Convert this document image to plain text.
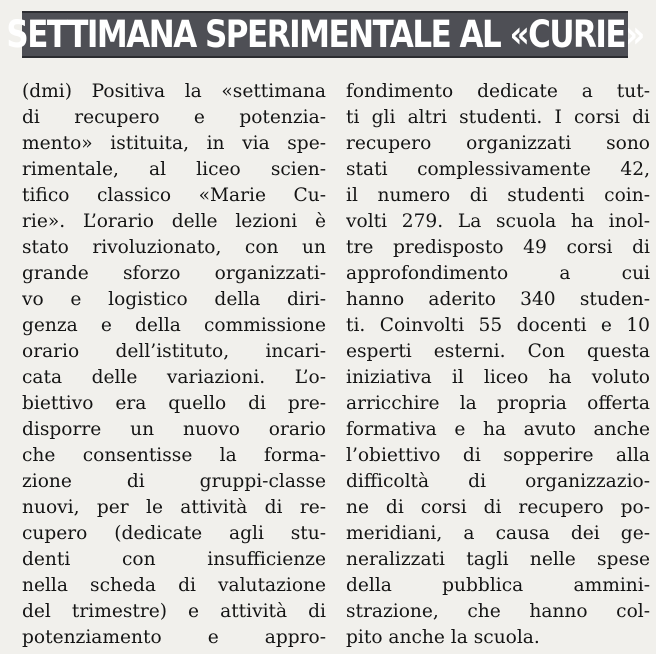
SETTIMANA SPERIMENTALE AL «CURIE»
(dmi) Positiva la «settimana
di recupero e potenzia-
mento» istituita, in via spe-
rimentale, al liceo scien-
tifico classico «Marie Cu-
rie». L’orario delle lezioni è
stato rivoluzionato, con un
grande sforzo organizzati-
vo e logistico della diri-
genza e della commissione
orario dell’istituto, incari-
cata delle variazioni. L’o-
biettivo era quello di pre-
disporre un nuovo orario
che consentisse la forma-
zione di gruppi-classe
nuovi, per le attività di re-
cupero (dedicate agli stu-
denti con insufficienze
nella scheda di valutazione
del trimestre) e attività di
potenziamento e appro-
fondimento dedicate a tut-
ti gli altri studenti. I corsi di
recupero organizzati sono
stati complessivamente 42,
il numero di studenti coin-
volti 279. La scuola ha inol-
tre predisposto 49 corsi di
approfondimento a cui
hanno aderito 340 studen-
ti. Coinvolti 55 docenti e 10
esperti esterni. Con questa
iniziativa il liceo ha voluto
arricchire la propria offerta
formativa e ha avuto anche
l’obiettivo di sopperire alla
difficoltà di organizzazio-
ne di corsi di recupero po-
meridiani, a causa dei ge-
neralizzati tagli nelle spese
della pubblica ammini-
strazione, che hanno col-
pito anche la scuola.
